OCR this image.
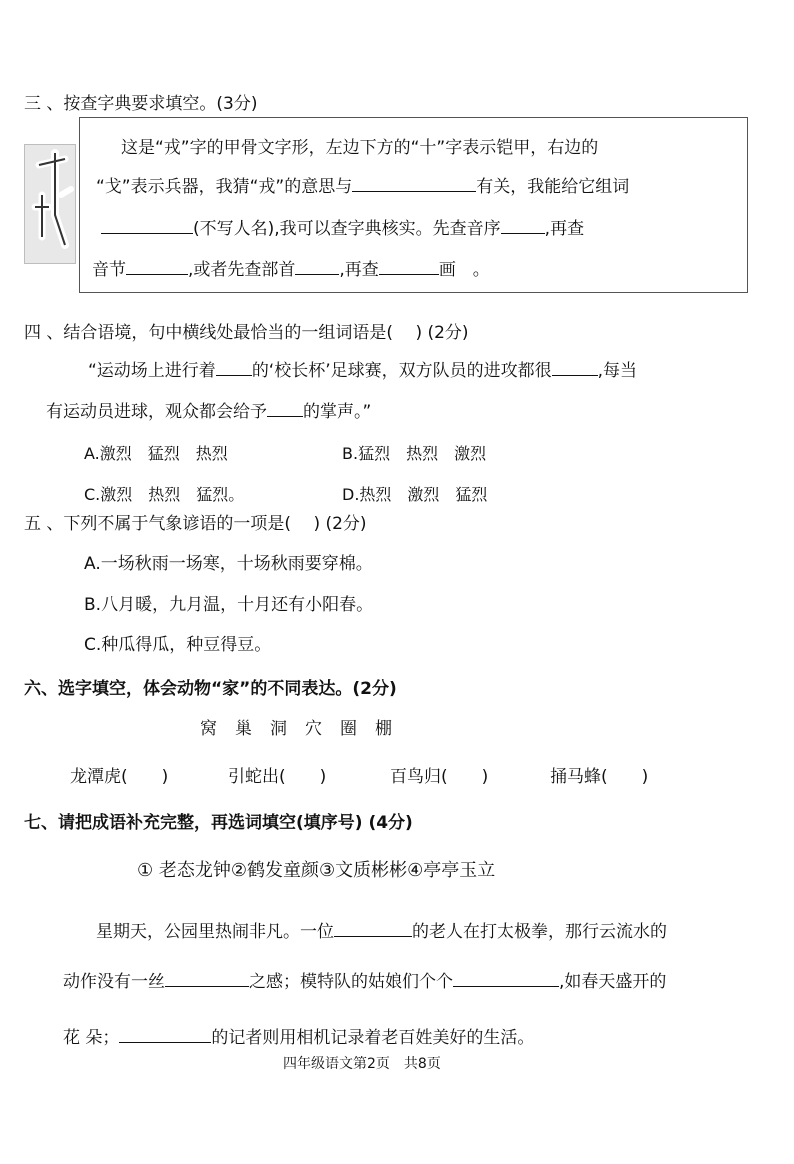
三 、按查字典要求填空。(3分)
这是“戎”字的甲骨文字形，左边下方的“十”字表示铠甲，右边的
“戈”表示兵器，我猜“戎”的意思与	有关，我能给它组词
(不写人名),我可以查字典核实。先查音序	,再查
音节	,或者先查部首	,再查	画　。
四 、结合语境，句中横线处最恰当的一组词语是(　 ) (2分)
“运动场上进行着 的‘校长杯’足球赛，双方队员的进攻都很	,每当
有运动员进球，观众都会给予 的掌声。”
A.激烈　猛烈　热烈	B.猛烈　热烈　激烈
C.激烈　热烈　猛烈。	D.热烈　激烈　猛烈
五 、下列不属于气象谚语的一项是(　 ) (2分)
A.一场秋雨一场寒，十场秋雨要穿棉。
B.八月暖，九月温，十月还有小阳春。
C.种瓜得瓜，种豆得豆。
六、选字填空，体会动物“家”的不同表达。(2分)
窝 巢 洞 穴 圈 棚
龙潭虎(　　)	引蛇出(　　)	百鸟归(　　)	捅马蜂(　　)
七、请把成语补充完整，再选词填空(填序号) (4分)
① 老态龙钟②鹤发童颜③文质彬彬④亭亭玉立
星期天，公园里热闹非凡。一位	的老人在打太极拳，那行云流水的
动作没有一丝	之感；模特队的姑娘们个个	,如春天盛开的
花 朵；	的记者则用相机记录着老百姓美好的生活。
四年级语文第2页　共8页
